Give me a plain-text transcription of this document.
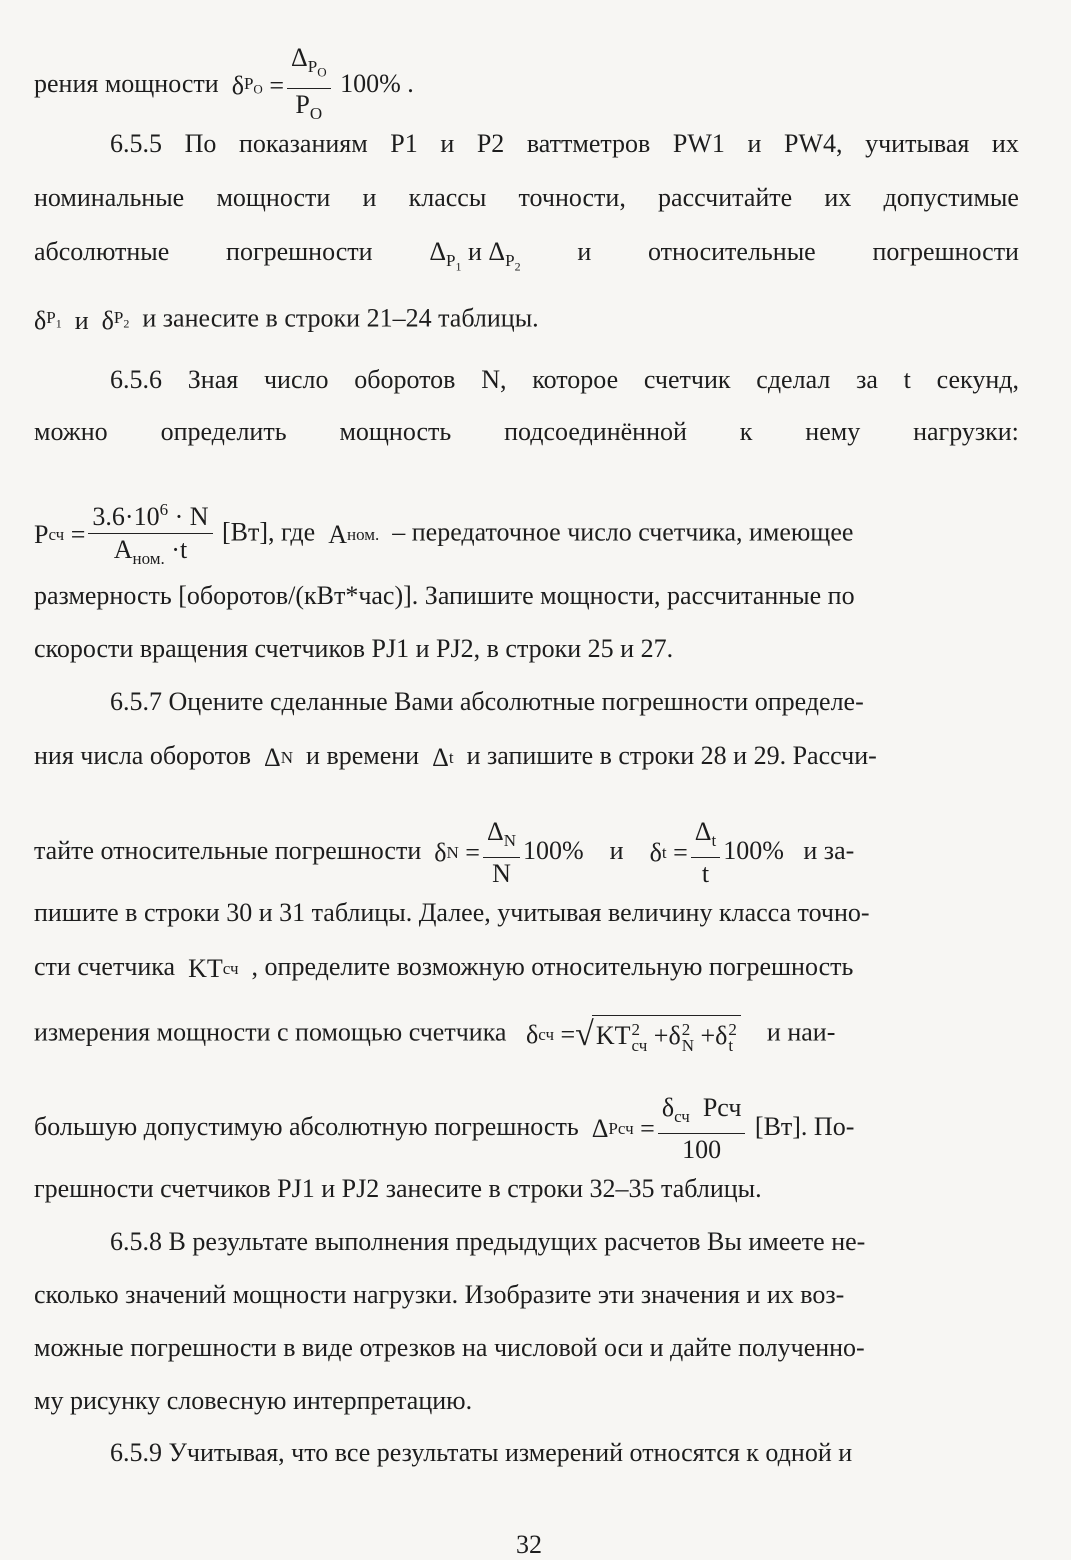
рения мощности  δ $P_O = \frac{\Delta_{P_O}}{P_O} 100\%$ .
6.5.5 По показаниям Р1 и Р2 ваттметров PW1 и PW4, учитывая их
номинальные мощности и классы точности, рассчитайте их допустимые
абсолютные погрешности $\Delta_{P_1}$ и $\Delta_{P_2}$
и относительные погрешности
δ $P_1$ и  δ $P_2$ и занесите в строки 21–24 таблицы.
6.5.6 Зная число оборотов N, которое счетчик сделал за t секунд,
можно определить мощность подсоединённой к нему нагрузки:
P сч = $\frac{3.6\cdot 10^6 \cdot N}{A_{ном.} \cdot t} [Вт]$, где  A ном. – передаточное число счетчика, имеющее
размерность [оборотов/(кВт*час)]. Запишите мощности, рассчитанные по
скорости вращения счетчиков PJ1 и PJ2, в строки 25 и 27.
6.5.7 Оцените сделанные Вами абсолютные погрешности определе-
ния числа оборотов  Δ N и времени  Δ t и запишите в строки 28 и 29. Рассчи-
тайте относительные погрешности  δ $N = \frac{\Delta_N}{N} 100\%$ и δ $t = \frac{\Delta_t}{t} 100\%$ и за-
пишите в строки 30 и 31 таблицы. Далее, учитывая величину класса точно-
сти счетчика  KT сч , определите возможную относительную погрешность
измерения мощности с помощью счетчика   δ сч = √ KT 2
сч +δ 2
N +δ 2
t и наи-
большую допустимую абсолютную погрешность  Δ Pсч = $\frac{\delta_{сч} Pсч}{100} [Вт]$. По-
грешности счетчиков PJ1 и PJ2 занесите в строки 32–35 таблицы.
6.5.8 В результате выполнения предыдущих расчетов Вы имеете не-
сколько значений мощности нагрузки. Изобразите эти значения и их воз-
можные погрешности в виде отрезков на числовой оси и дайте полученно-
му рисунку словесную интерпретацию.
6.5.9 Учитывая, что все результаты измерений относятся к одной и
32
